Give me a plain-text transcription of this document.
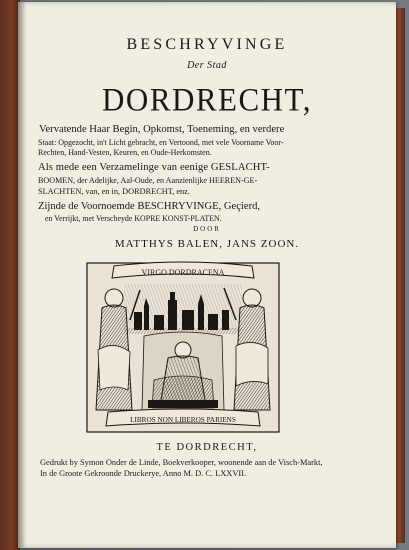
BESCHRYVINGE
Der Stad
DORDRECHT,
Vervatende Haar Begin, Opkomst, Toeneming, en verdere
Staat: Opgezocht, in't Licht gebracht, en Vertoond, met vele Voorname Voor-
Rechten, Hand-Vesten, Keuren, en Oude-Herkomsten.
Als mede een Verzamelinge van eenige GESLACHT-
BOOMEN, der Adelijke, Aal-Oude, en Aanzienlijke HEEREN-GE-
SLACHTEN, van, en in, DORDRECHT, enz.
Zijnde de Voornoemde BESCHRYVINGE, Geçierd,
en Verrijkt, met Verscheyde KOPRE KONST-PLATEN.
DOOR
MATTHYS BALEN, JANS ZOON.
VIRGO DORDRACENA
LIBROS NON LIBEROS PARIENS
TE DORDRECHT,
Gedrukt by Symon Onder de Linde, Boekverkooper, woonende aan de Visch-Markt,
In de Groote Gekroonde Druckerye, Anno M. D. C. LXXVII.
